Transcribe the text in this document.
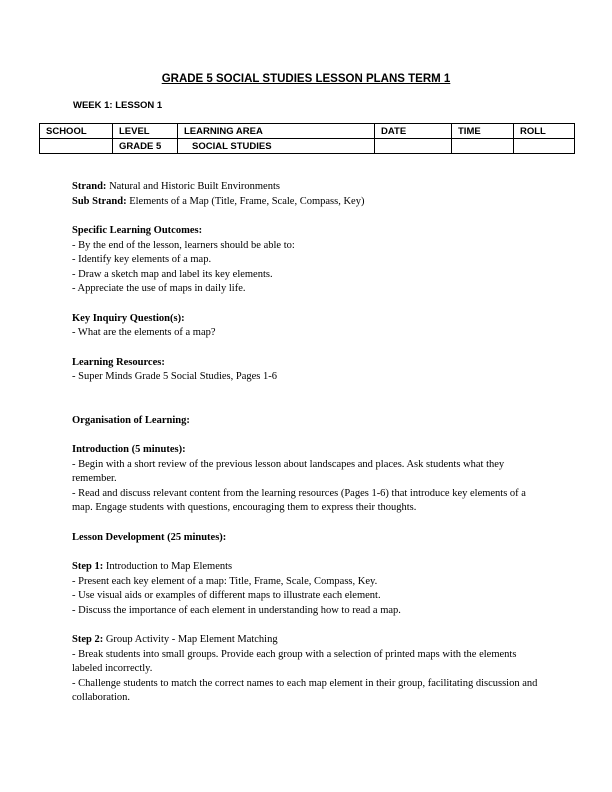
GRADE 5 SOCIAL STUDIES LESSON PLANS TERM 1
WEEK 1: LESSON 1
SCHOOL	LEVEL	LEARNING AREA	DATE	TIME	ROLL
	GRADE 5	SOCIAL STUDIES			

Strand: Natural and Historic Built Environments

Sub Strand: Elements of a Map (Title, Frame, Scale, Compass, Key)

Specific Learning Outcomes:

- By the end of the lesson, learners should be able to:

- Identify key elements of a map.

- Draw a sketch map and label its key elements.

- Appreciate the use of maps in daily life.

Key Inquiry Question(s):

- What are the elements of a map?

Learning Resources:

- Super Minds Grade 5 Social Studies, Pages 1-6

Organisation of Learning:

Introduction (5 minutes):

- Begin with a short review of the previous lesson about landscapes and places. Ask students what they remember.

- Read and discuss relevant content from the learning resources (Pages 1-6) that introduce key elements of a map. Engage students with questions, encouraging them to express their thoughts.

Lesson Development (25 minutes):

Step 1: Introduction to Map Elements

- Present each key element of a map: Title, Frame, Scale, Compass, Key.

- Use visual aids or examples of different maps to illustrate each element.

- Discuss the importance of each element in understanding how to read a map.

Step 2: Group Activity - Map Element Matching

- Break students into small groups. Provide each group with a selection of printed maps with the elements labeled incorrectly.

- Challenge students to match the correct names to each map element in their group, facilitating discussion and collaboration.
